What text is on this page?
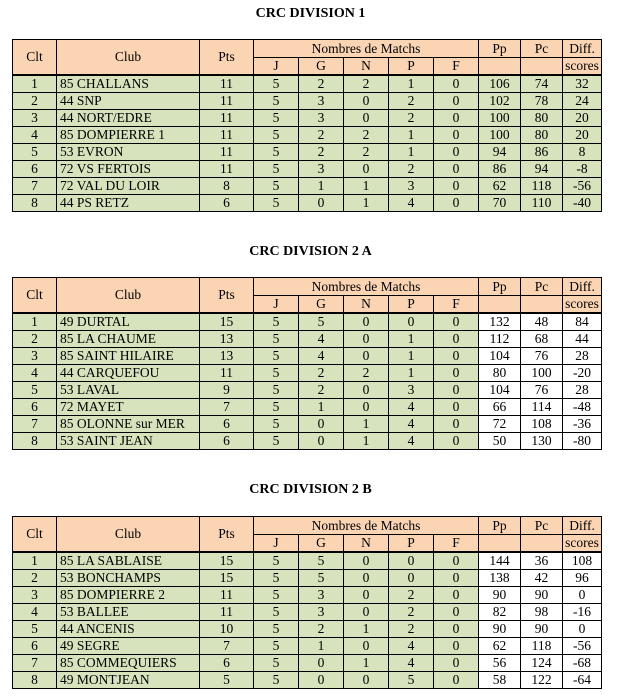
CRC DIVISION 1
Clt	Club	Pts	Nombres de Matchs					Pp	Pc	Diff.
			J	G	N	P	F			scores
1	85 CHALLANS	11	5	2	2	1	0	106	74	32
2	44 SNP	11	5	3	0	2	0	102	78	24
3	44 NORT/EDRE	11	5	3	0	2	0	100	80	20
4	85 DOMPIERRE 1	11	5	2	2	1	0	100	80	20
5	53 EVRON	11	5	2	2	1	0	94	86	8
6	72 VS FERTOIS	11	5	3	0	2	0	86	94	-8
7	72 VAL DU LOIR	8	5	1	1	3	0	62	118	-56
8	44 PS RETZ	6	5	0	1	4	0	70	110	-40
CRC DIVISION 2 A
Clt	Club	Pts	Nombres de Matchs					Pp	Pc	Diff.
			J	G	N	P	F			scores
1	49 DURTAL	15	5	5	0	0	0	132	48	84
2	85 LA CHAUME	13	5	4	0	1	0	112	68	44
3	85 SAINT HILAIRE	13	5	4	0	1	0	104	76	28
4	44 CARQUEFOU	11	5	2	2	1	0	80	100	-20
5	53 LAVAL	9	5	2	0	3	0	104	76	28
6	72 MAYET	7	5	1	0	4	0	66	114	-48
7	85 OLONNE sur MER	6	5	0	1	4	0	72	108	-36
8	53 SAINT JEAN	6	5	0	1	4	0	50	130	-80
CRC DIVISION 2 B
Clt	Club	Pts	Nombres de Matchs					Pp	Pc	Diff.
			J	G	N	P	F			scores
1	85 LA SABLAISE	15	5	5	0	0	0	144	36	108
2	53 BONCHAMPS	15	5	5	0	0	0	138	42	96
3	85 DOMPIERRE 2	11	5	3	0	2	0	90	90	0
4	53 BALLEE	11	5	3	0	2	0	82	98	-16
5	44 ANCENIS	10	5	2	1	2	0	90	90	0
6	49 SEGRE	7	5	1	0	4	0	62	118	-56
7	85 COMMEQUIERS	6	5	0	1	4	0	56	124	-68
8	49 MONTJEAN	5	5	0	0	5	0	58	122	-64
